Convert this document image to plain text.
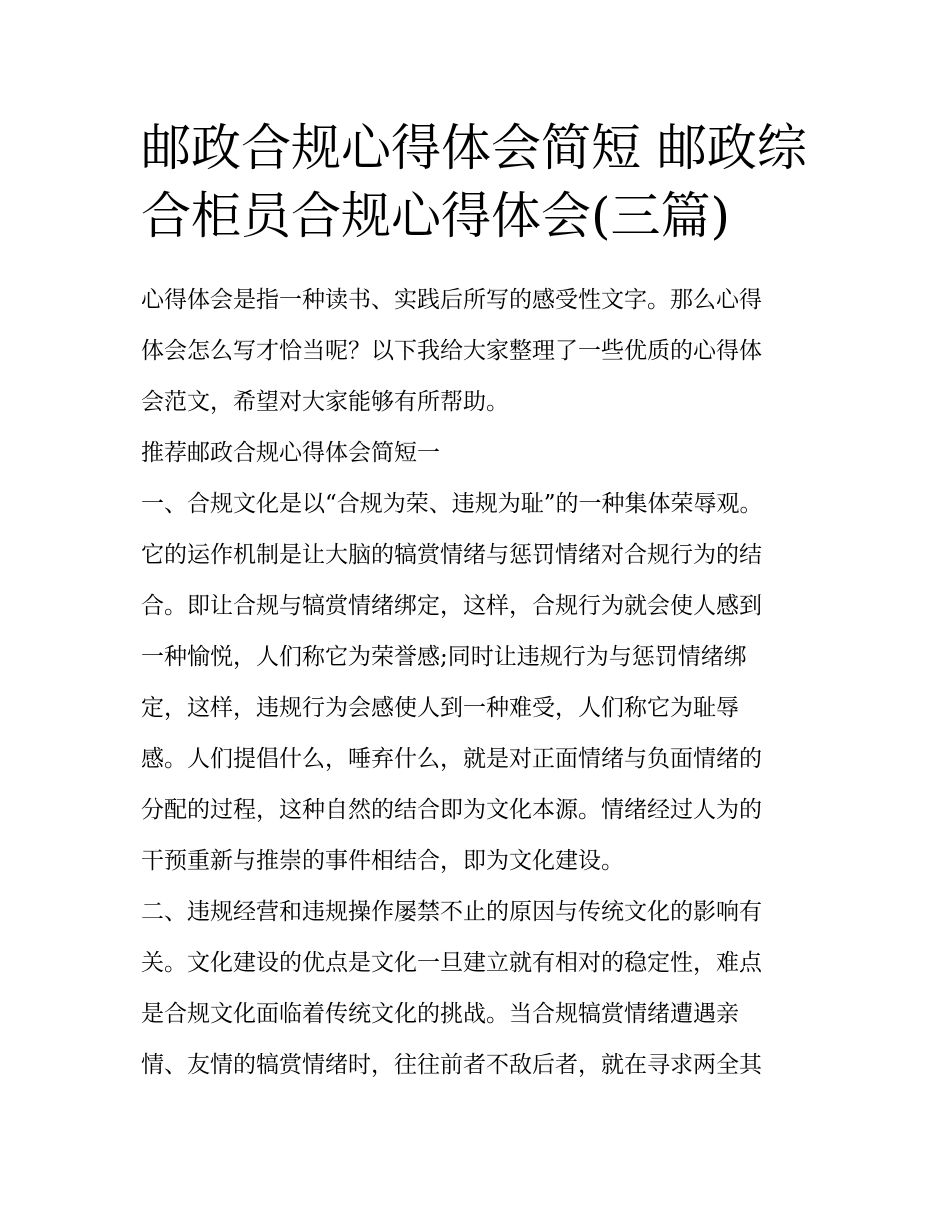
邮政合规心得体会简短 邮政综
合柜员合规心得体会(三篇)
心得体会是指一种读书、实践后所写的感受性文字。那么心得
体会怎么写才恰当呢？以下我给大家整理了一些优质的心得体
会范文，希望对大家能够有所帮助。
推荐邮政合规心得体会简短一
一、合规文化是以“合规为荣、违规为耻”的一种集体荣辱观。
它的运作机制是让大脑的犒赏情绪与惩罚情绪对合规行为的结
合。即让合规与犒赏情绪绑定，这样，合规行为就会使人感到
一种愉悦，人们称它为荣誉感;同时让违规行为与惩罚情绪绑
定，这样，违规行为会感使人到一种难受，人们称它为耻辱
感。人们提倡什么，唾弃什么，就是对正面情绪与负面情绪的
分配的过程，这种自然的结合即为文化本源。情绪经过人为的
干预重新与推崇的事件相结合，即为文化建设。
二、违规经营和违规操作屡禁不止的原因与传统文化的影响有
关。文化建设的优点是文化一旦建立就有相对的稳定性，难点
是合规文化面临着传统文化的挑战。当合规犒赏情绪遭遇亲
情、友情的犒赏情绪时，往往前者不敌后者，就在寻求两全其
